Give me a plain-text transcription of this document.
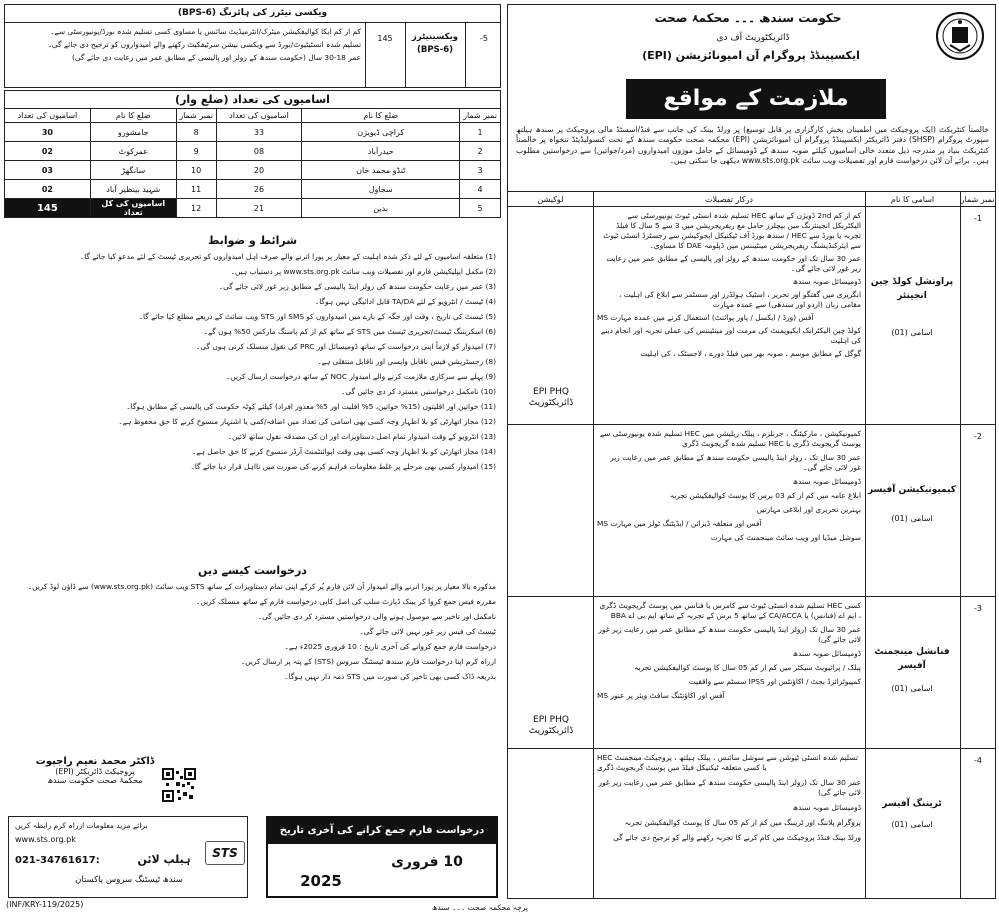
حکومت سندھ ۔۔۔ محکمۂ صحت
ڈائریکٹوریٹ آف دی
ایکسپینڈڈ پروگرام آن امیونائزیشن (EPI)
ملازمت کے مواقع
خالصتاً کنٹریکٹ (ایک پروجیکٹ میں اطمینان بخش کارگزاری پر قابل توسیع) پر ورلڈ بینک کی جانب سے فنڈ/اسسٹڈ مالی پروجیکٹ پر سندھ ہیلتھ سپورٹ پروگرام (SHSP) دفتر ڈائریکٹر ایکسپینڈڈ پروگرام آن امیونائزیشن (EPI) محکمہ صحت حکومت سندھ کے تحت کنسولیڈیٹڈ تنخواہ پر خالصتاً کنٹریکٹ بنیاد پر مندرجہ ذیل متعدد خالی اسامیوں کیلئے صوبہ سندھ کے ڈومیسائل کے حامل موزوں امیدواروں (مرد/خواتین) سے درخواستیں مطلوب ہیں۔ برائے آن لائن درخواست فارم اور تفصیلات ویب سائٹ www.sts.org.pk دیکھی جا سکتی ہیں۔
نمبر شمار
اسامی کا نام
درکار تفصیلات
لوکیشن
-1
پراونشل کولڈ چین انجینئر
اسامی (01)
کم از کم 2nd ڈویژن کے ساتھ HEC تسلیم شدہ انسٹی ٹیوٹ یونیورسٹی سے الیکٹریکل انجینئرنگ میں بیچلرز حامل مع ریفریجریشن میں 3 سے 5 سال کا فیلڈ تجربہ یا بورڈ سے HEC / سندھ بورڈ آف ٹیکنیکل ایجوکیشن سے رجسٹرڈ انسٹی ٹیوٹ سے ایئرکنڈیشنگ ریفریجریشن مینٹیننس میں ڈپلومہ DAE کا مساوی۔
عمر 30 سال تک اور حکومت سندھ کے رولز اور پالیسی کے مطابق عمر میں رعایت زیر غور لائی جائے گی۔
ڈومیسائل صوبہ سندھ
انگریزی میں گفتگو اور تحریر ، اسٹیک ہولڈرز اور سسٹمز سے ابلاغ کی اہلیت ، مقامی زبان (اردو اور سندھی) سے عمدہ مہارت
MS آفس (ورڈ / ایکسل / پاور پوائنٹ) استعمال کرنے میں عمدہ مہارت
کولڈ چین الیکٹرانک ایکیوپمنٹ کی مرمت اور مینٹیننس کی عملی تجربہ اور انجام دینے کی اہلیت
گوگل کے مطابق موسم ، صوبہ بھر میں فیلڈ دورے ، لاجسٹک ، کی اہلیت
EPI PHQ ڈائریکٹوریٹ
-2
کیمیونیکیشن آفیسر
اسامی (01)
کمیونیکیشن ، مارکیٹنگ ، جرنلزم ، پبلک ریلیشن میں HEC تسلیم شدہ یونیورسٹی سے پوسٹ گریجویٹ ڈگری یا HEC تسلیم شدہ گریجویٹ ڈگری
عمر 30 سال تک ، رولز اینڈ پالیسی حکومت سندھ کے مطابق عمر میں رعایت زیر غور لائی جائے گی۔
ڈومیسائل صوبہ سندھ
ابلاغ عامہ میں کم از کم 03 برس کا پوسٹ کوالیفکیشن تجربہ
بہترین تحریری اور ابلاغی مہارتیں
MS آفس اور متعلقہ ڈیزائن / ایڈیٹنگ ٹولز میں مہارت
سوشل میڈیا اور ویب سائٹ مینجمنٹ کی مہارت
-3
فنانشل مینجمنٹ آفیسر
اسامی (01)
کسی HEC تسلیم شدہ انسٹی ٹیوٹ سے کامرس یا فنانس میں پوسٹ گریجویٹ ڈگری ، ایم اے (فنانس) یا CA/ACCA کے ساتھ 5 برس کے تجربہ کے ساتھ ایم بی اے BBA
عمر 30 سال تک (رولز اینڈ پالیسی حکومت سندھ کے مطابق عمر میں رعایت زیر غور لائی جائے گی)
ڈومیسائل صوبہ سندھ
پبلک / پرائیویٹ سیکٹر میں کم از کم 05 سال کا پوسٹ کوالیفکیشن تجربہ
کمپیوٹرائزڈ بجٹ / اکاؤنٹس اور IPSS سسٹم سے واقفیت
MS آفس اور اکاؤنٹنگ سافٹ ویئر پر عبور
EPI PHQ ڈائریکٹوریٹ
-4
ٹریننگ آفیسر
اسامی (01)
HEC تسلیم شدہ انسٹی ٹیوشن سے سوشل سائنس ، پبلک ہیلتھ ، پروجیکٹ مینجمنٹ یا کسی متعلقہ ٹیکنیکل فیلڈ میں پوسٹ گریجویٹ ڈگری
عمر 30 سال تک (رولز اینڈ پالیسی حکومت سندھ کے مطابق عمر میں رعایت زیر غور لائی جائے گی)
ڈومیسائل صوبہ سندھ
پروگرام پلاننگ اور ٹریننگ میں کم از کم 05 سال کا پوسٹ کوالیفکیشن تجربہ
ورلڈ بینک فنڈڈ پروجیکٹ میں کام کرنے کا تجربہ رکھنے والے کو ترجیح دی جائے گی
ویکسی نیٹرز کی ہائرنگ (BPS-6)
-5
ویکسینیٹرز (BPS-6)
145
کم از کم ایکا کوالیفکیشن میٹرک/انٹرمیڈیٹ سائنس یا مساوی کسی تسلیم شدہ بورڈ/یونیورسٹی سے۔
تسلیم شدہ انسٹیٹیوٹ/بورڈ سے ویکسی نیشن سرٹیفکیٹ رکھنے والے امیدواروں کو ترجیح دی جائے گی۔
عمر 18-30 سال (حکومت سندھ کے رولز اور پالیسی کے مطابق عمر میں رعایت دی جائے گی)
اسامیوں کی تعداد (ضلع وار)
اسامیوں کی تعداد	ضلع کا نام	نمبر شمار	اسامیوں کی تعداد	ضلع کا نام	نمبر شمار
30	جامشورو	8	33	کراچی ڈیویژن	1
02	عمرکوٹ	9	08	حیدرآباد	2
03	سانگھڑ	10	20	ٹنڈو محمد خان	3
02	شہید بینظیر آباد	11	26	سجاول	4
145	اسامیوں کی کل تعداد	12	21	بدین	5
شرائط و ضوابط
(1) متعلقہ اسامیوں کے لئے ذکر شدہ اہلیت کے معیار پر پورا اترنے والے صرف اہل امیدواروں کو تحریری ٹیسٹ کے لئے مدعو کیا جائے گا۔
(2) مکمل ایپلیکیشن فارم اور تفصیلات ویب سائٹ www.sts.org.pk پر دستیاب ہیں۔
(3) عمر میں رعایت حکومت سندھ کی رولز اینڈ پالیسی کے مطابق زیر غور لائی جائے گی۔
(4) ٹیسٹ / انٹرویو کے لئے TA/DA قابل ادائیگی نہیں ہوگا۔
(5) ٹیسٹ کی تاریخ ، وقت اور جگہ کے بارے میں امیدواروں کو SMS اور STS ویب سائٹ کے ذریعے مطلع کیا جائے گا۔
(6) اسکریننگ ٹیسٹ/تحریری ٹیسٹ میں STS کے ساتھ کم از کم پاسنگ مارکس 50% ہوں گے۔
(7) امیدوار کو لازماً اپنی درخواست کے ساتھ ڈومیسائل اور PRC کی نقول منسلک کرنی ہوں گی۔
(8) رجسٹریشن فیس ناقابل واپسی اور ناقابل منتقلی ہے۔
(9) پہلے سے سرکاری ملازمت کرنے والے امیدوار NOC کے ساتھ درخواست ارسال کریں۔
(10) نامکمل درخواستیں مسترد کر دی جائیں گی۔
(11) خواتین اور اقلیتوں (15% خواتین، 5% اقلیت اور 5% معذور افراد) کیلئے کوٹہ حکومت کی پالیسی کے مطابق ہوگا۔
(12) مجاز اتھارٹی کو بلا اظہار وجہ کسی بھی اسامی کی تعداد میں اضافہ/کمی یا اشتہار منسوخ کرنے کا حق محفوظ ہے۔
(13) انٹرویو کے وقت امیدوار تمام اصل دستاویزات اور ان کی مصدقہ نقول ساتھ لائیں۔
(14) مجاز اتھارٹی کو بلا اظہار وجہ کسی بھی وقت اپوائنٹمنٹ آرڈر منسوخ کرنے کا حق حاصل ہے۔
(15) امیدوار کسی بھی مرحلے پر غلط معلومات فراہم کرنے کی صورت میں نااہل قرار دیا جائے گا۔
درخواست کیسے دیں
مذکورہ بالا معیار پر پورا اترنے والے امیدوار آن لائن فارم پُر کرکے اپنی تمام دستاویزات کے ساتھ STS ویب سائٹ (www.sts.org.pk) سے ڈاؤن لوڈ کریں۔
مقررہ فیس جمع کروا کر بینک ڈپازٹ سلپ کی اصل کاپی درخواست فارم کے ساتھ منسلک کریں۔
نامکمل اور تاخیر سے موصول ہونے والی درخواستیں مسترد کر دی جائیں گی۔
ٹیسٹ کی فیس زیر غور نہیں لائی جائے گی۔
درخواست فارم جمع کروانے کی آخری تاریخ : 10 فروری 2025ء ہے۔
ازراہ کرم اپنا درخواست فارم سندھ ٹیسٹنگ سروس (STS) کے پتہ پر ارسال کریں۔
بذریعہ ڈاک کسی بھی تاخیر کی صورت میں STS ذمہ دار نہیں ہوگا۔
ڈاکٹر محمد نعیم راجپوت
پروجیکٹ ڈائریکٹر (EPI)
محکمۂ صحت حکومت سندھ
برائے مزید معلومات ازراہ کرم رابطہ کریں
www.sts.org.pk
STS
021-34761617:	ہیلپ لائن
سندھ ٹیسٹنگ سروس پاکستان
درخواست فارم جمع کرانے کی آخری تاریخ
10 فروری
2025
(INF/KRY-119/2025)	پرچہ محکمہ صحت ۔۔۔ سندھ
